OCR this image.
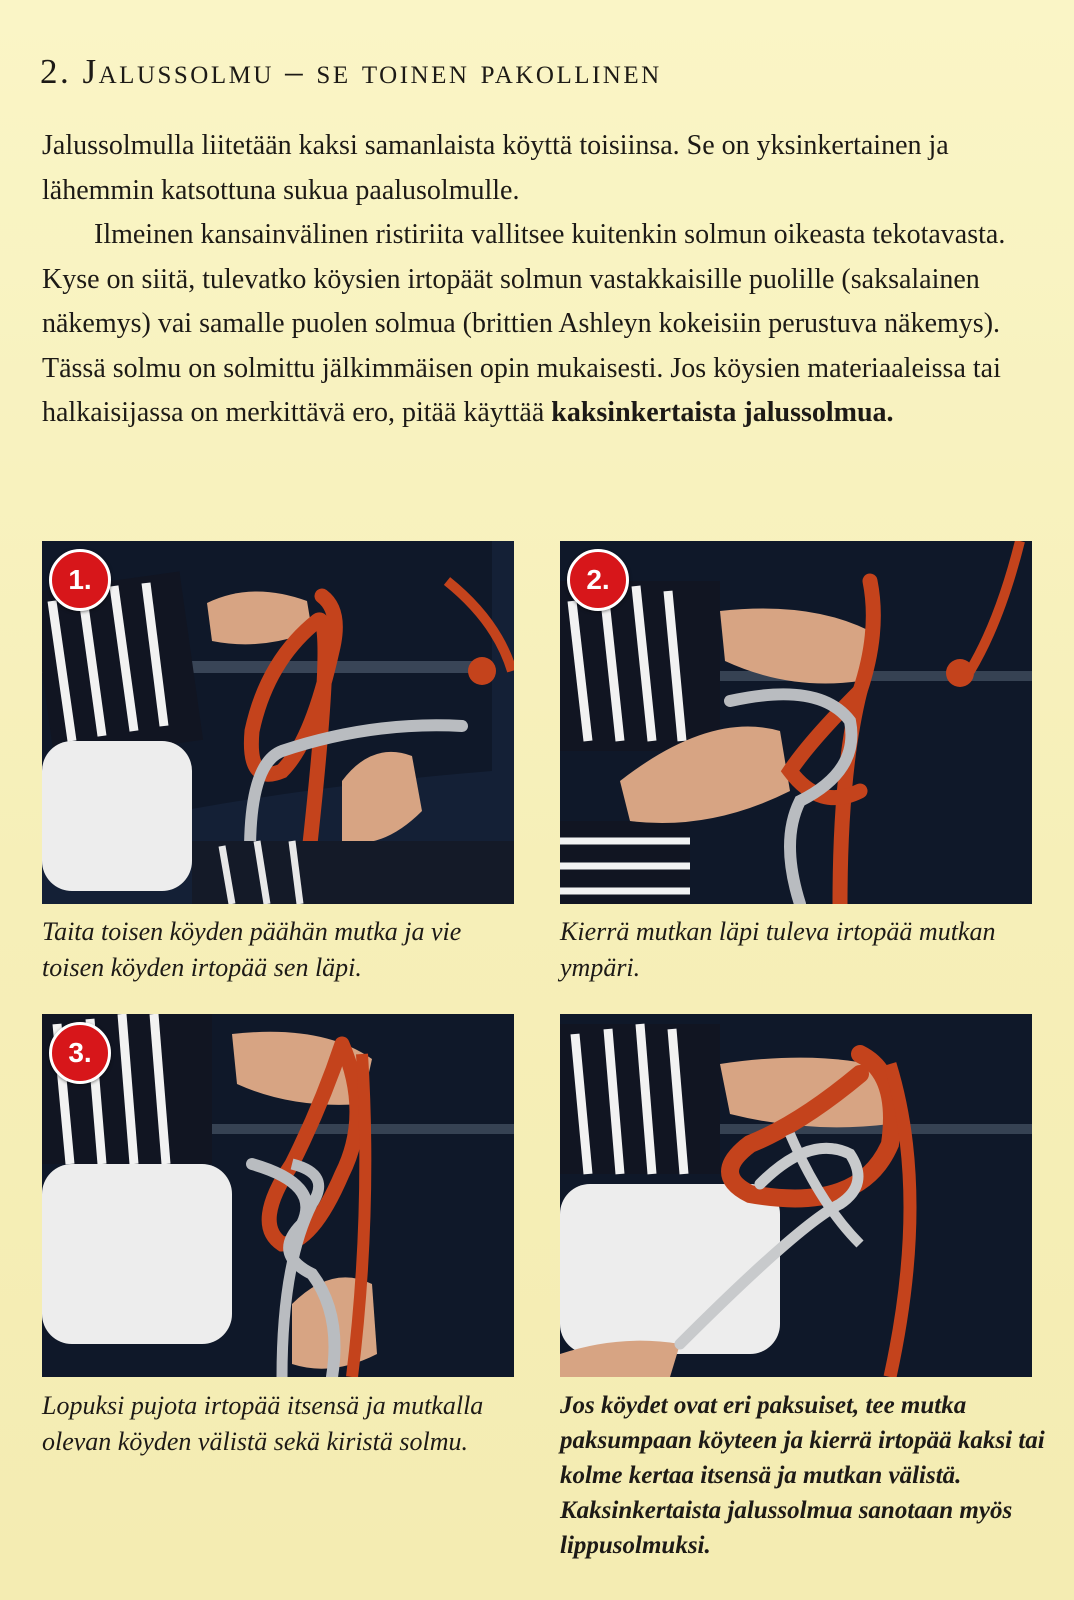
2. Jalussolmu – se toinen pakollinen

Jalussolmulla liitetään kaksi samanlaista köyttä toisiinsa. Se on yksinkertainen ja lähemmin katsottuna sukua paalusolmulle.

Ilmeinen kansainvälinen ristiriita vallitsee kuitenkin solmun oikeasta tekotavasta. Kyse on siitä, tulevatko köysien irtopäät solmun vastakkaisille puolille (saksalainen näkemys) vai samalle puolen solmua (brittien Ashleyn kokeisiin perustuva näkemys). Tässä solmu on solmittu jälkimmäisen opin mukaisesti. Jos köysien materiaaleissa tai halkaisijassa on merkittävä ero, pitää käyttää kaksinkertaista jalussolmua.

1.	2.

Taita toisen köyden päähän mutka ja vie toisen köyden irtopää sen läpi.

Kierrä mutkan läpi tuleva irtopää mutkan ympäri.

3.

Lopuksi pujota irtopää itsensä ja mutkalla olevan köyden välistä sekä kiristä solmu.

Jos köydet ovat eri paksuiset, tee mutka paksumpaan köyteen ja kierrä irtopää kaksi tai kolme kertaa itsensä ja mutkan välistä. Kaksinkertaista jalussolmua sanotaan myös lippusolmuksi.
